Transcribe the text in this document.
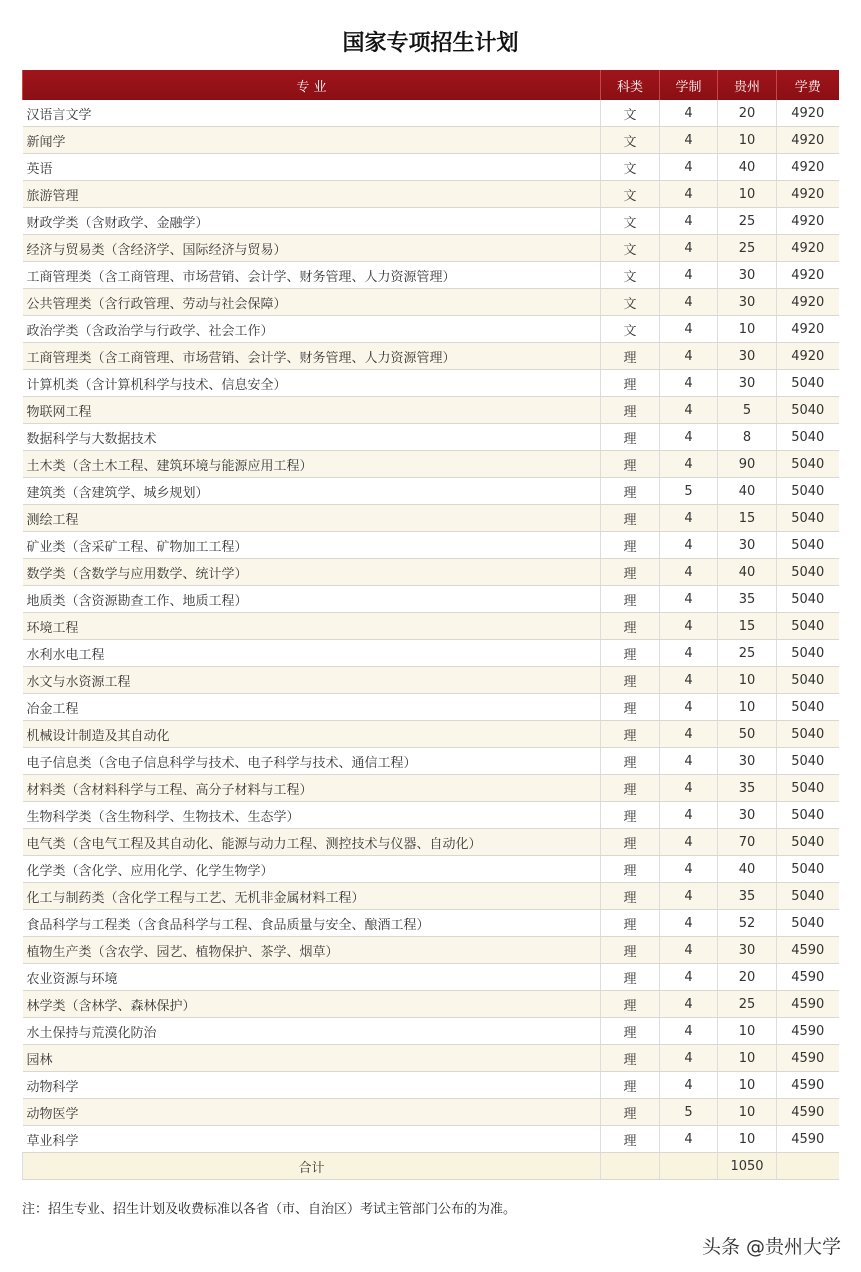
国家专项招生计划
专 业	科类	学制	贵州	学费
汉语言文学	文	4	20	4920
新闻学	文	4	10	4920
英语	文	4	40	4920
旅游管理	文	4	10	4920
财政学类（含财政学、金融学）	文	4	25	4920
经济与贸易类（含经济学、国际经济与贸易）	文	4	25	4920
工商管理类（含工商管理、市场营销、会计学、财务管理、人力资源管理）	文	4	30	4920
公共管理类（含行政管理、劳动与社会保障）	文	4	30	4920
政治学类（含政治学与行政学、社会工作）	文	4	10	4920
工商管理类（含工商管理、市场营销、会计学、财务管理、人力资源管理）	理	4	30	4920
计算机类（含计算机科学与技术、信息安全）	理	4	30	5040
物联网工程	理	4	5	5040
数据科学与大数据技术	理	4	8	5040
土木类（含土木工程、建筑环境与能源应用工程）	理	4	90	5040
建筑类（含建筑学、城乡规划）	理	5	40	5040
测绘工程	理	4	15	5040
矿业类（含采矿工程、矿物加工工程）	理	4	30	5040
数学类（含数学与应用数学、统计学）	理	4	40	5040
地质类（含资源勘查工作、地质工程）	理	4	35	5040
环境工程	理	4	15	5040
水利水电工程	理	4	25	5040
水文与水资源工程	理	4	10	5040
冶金工程	理	4	10	5040
机械设计制造及其自动化	理	4	50	5040
电子信息类（含电子信息科学与技术、电子科学与技术、通信工程）	理	4	30	5040
材料类（含材料科学与工程、高分子材料与工程）	理	4	35	5040
生物科学类（含生物科学、生物技术、生态学）	理	4	30	5040
电气类（含电气工程及其自动化、能源与动力工程、测控技术与仪器、自动化）	理	4	70	5040
化学类（含化学、应用化学、化学生物学）	理	4	40	5040
化工与制药类（含化学工程与工艺、无机非金属材料工程）	理	4	35	5040
食品科学与工程类（含食品科学与工程、食品质量与安全、酿酒工程）	理	4	52	5040
植物生产类（含农学、园艺、植物保护、茶学、烟草）	理	4	30	4590
农业资源与环境	理	4	20	4590
林学类（含林学、森林保护）	理	4	25	4590
水土保持与荒漠化防治	理	4	10	4590
园林	理	4	10	4590
动物科学	理	4	10	4590
动物医学	理	5	10	4590
草业科学	理	4	10	4590
合计			1050	
注：招生专业、招生计划及收费标准以各省（市、自治区）考试主管部门公布的为准。
头条 @贵州大学
